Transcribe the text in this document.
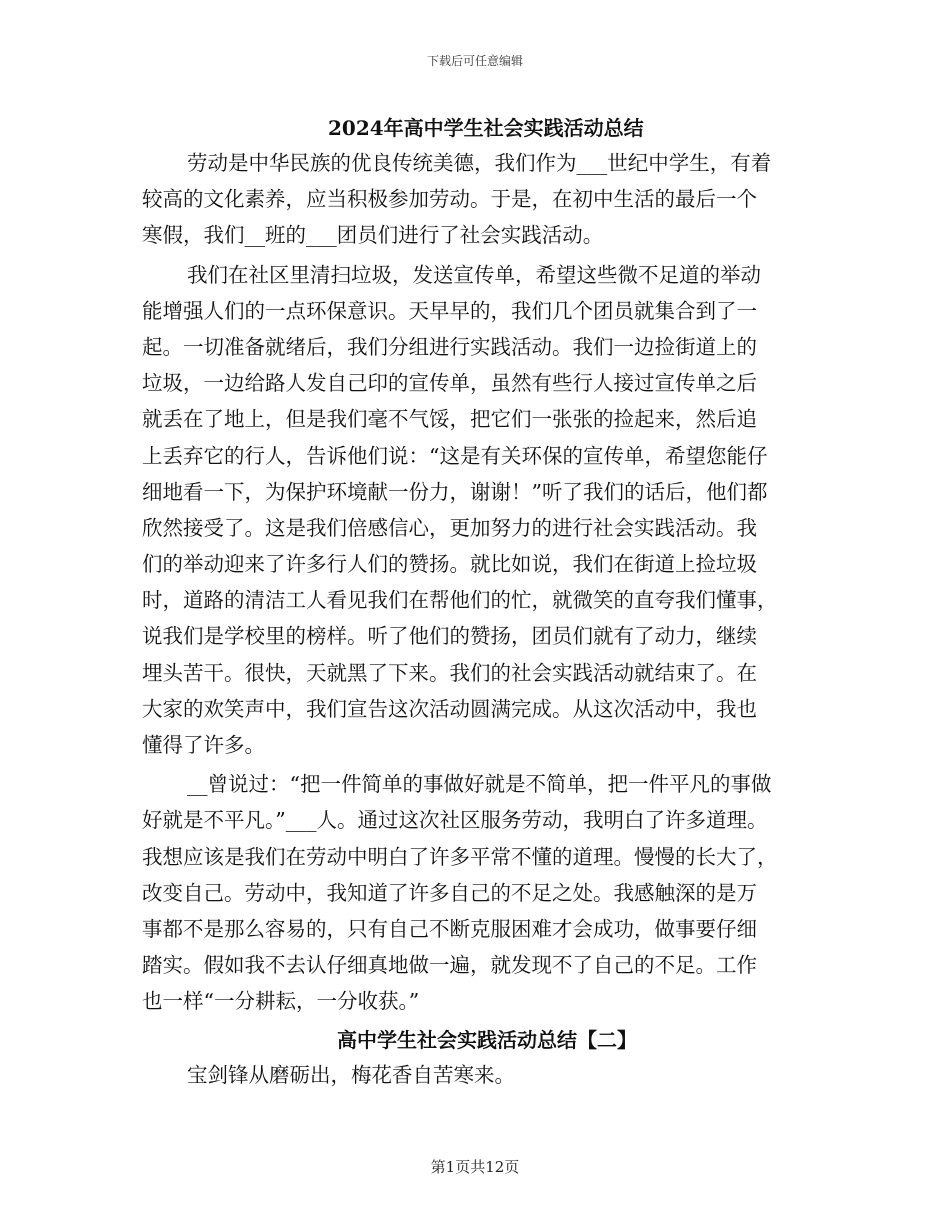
下载后可任意编辑
2024年高中学生社会实践活动总结

劳动是中华民族的优良传统美德，我们作为___世纪中学生，有着
较高的文化素养，应当积极参加劳动。于是，在初中生活的最后一个
寒假，我们__班的___团员们进行了社会实践活动。

我们在社区里清扫垃圾，发送宣传单，希望这些微不足道的举动
能增强人们的一点环保意识。天早早的，我们几个团员就集合到了一
起。一切准备就绪后，我们分组进行实践活动。我们一边捡街道上的
垃圾，一边给路人发自己印的宣传单，虽然有些行人接过宣传单之后
就丢在了地上，但是我们毫不气馁，把它们一张张的捡起来，然后追
上丢弃它的行人，告诉他们说：“这是有关环保的宣传单，希望您能仔
细地看一下，为保护环境献一份力，谢谢！”听了我们的话后，他们都
欣然接受了。这是我们倍感信心，更加努力的进行社会实践活动。我
们的举动迎来了许多行人们的赞扬。就比如说，我们在街道上捡垃圾
时，道路的清洁工人看见我们在帮他们的忙，就微笑的直夸我们懂事，
说我们是学校里的榜样。听了他们的赞扬，团员们就有了动力，继续
埋头苦干。很快，天就黑了下来。我们的社会实践活动就结束了。在
大家的欢笑声中，我们宣告这次活动圆满完成。从这次活动中，我也
懂得了许多。

__曾说过：“把一件简单的事做好就是不简单，把一件平凡的事做
好就是不平凡。”___人。通过这次社区服务劳动，我明白了许多道理。
我想应该是我们在劳动中明白了许多平常不懂的道理。慢慢的长大了，
改变自己。劳动中，我知道了许多自己的不足之处。我感触深的是万
事都不是那么容易的，只有自己不断克服困难才会成功，做事要仔细
踏实。假如我不去认仔细真地做一遍，就发现不了自己的不足。工作
也一样“一分耕耘，一分收获。”

高中学生社会实践活动总结【二】

宝剑锋从磨砺出，梅花香自苦寒来。

第1页共12页
